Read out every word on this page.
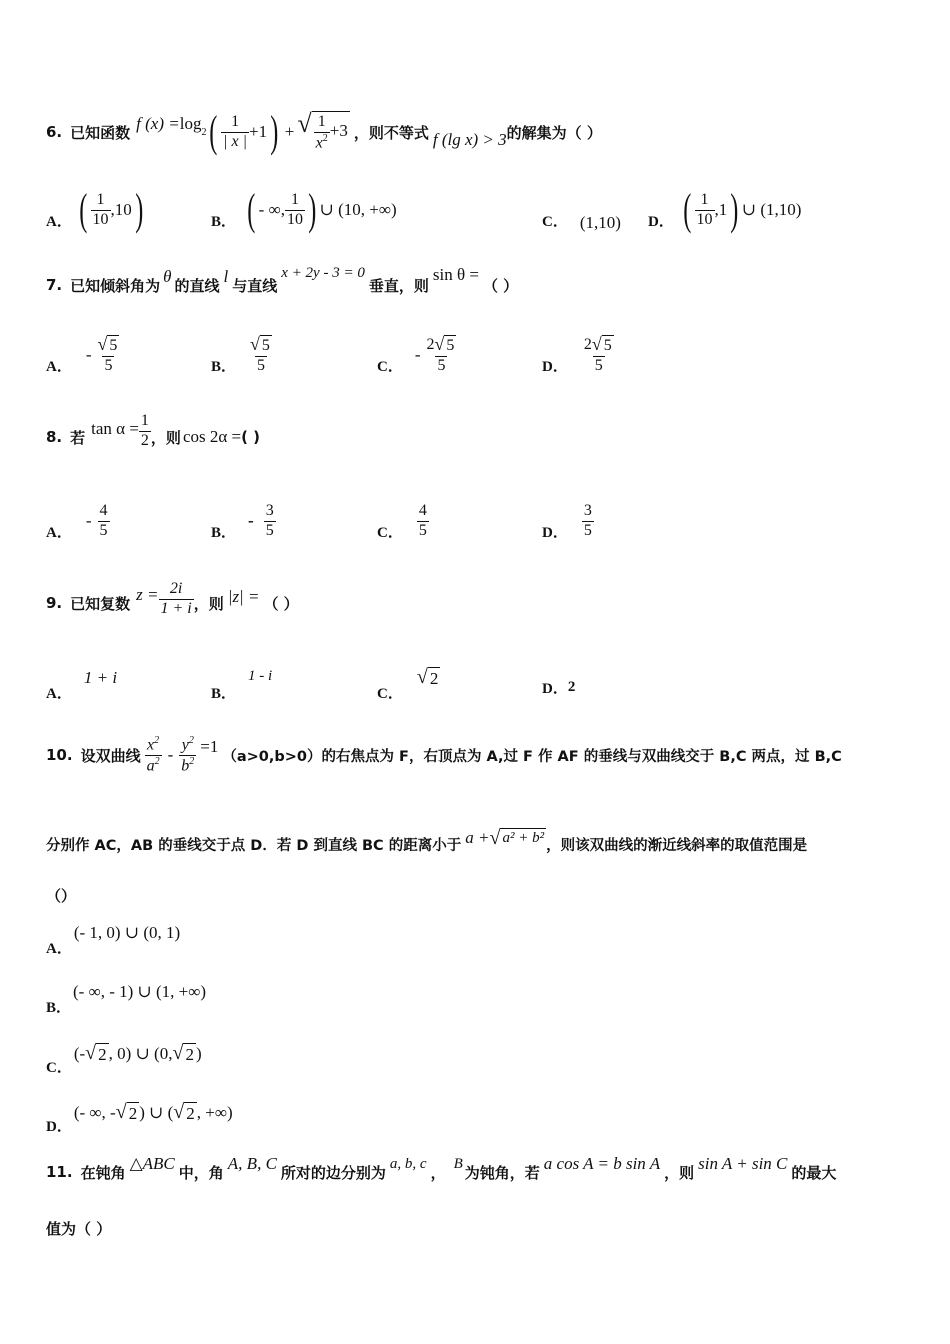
6. 已知函数 f $(x) = \log_2$ ( $\frac{1}{| x |} +1$ ) + √ $\frac{1}{x^2} +3$ ，则不等式 f (lg x) > 3 的解集为（ ）
A． ( $\frac{1}{10} ,10$ )	B． ( - ∞, $\frac{1}{10}$ ) ∪ (10, +∞)
C． (1,10) D． ( $\frac{1}{10} ,1$ ) ∪ (1,10)
7. 已知倾斜角为 θ 的直线 l 与直线
x + 2y - 3 = 0
垂直，则
sin θ =
（ ）
A．
- $\frac{√ 5}{5}$	B． $\frac{√ 5}{5}$	C．
- $\frac{2 √ 5}{5}$	D． $\frac{2 √ 5}{5}$
8. 若 $\tan \alpha = \frac{1}{2}$ ，则 cos 2α = ( )
A．
- $\frac{4}{5}$	B．
- $\frac{3}{5}$	C． $\frac{4}{5}$	D． $\frac{3}{5}$
9. 已知复数 $z = \frac{2i}{1 + i}$ ，则 |z| = （ ）
A．
1 + i
B．
1 - i
C．
√ 2
D． 2
10. 设双曲线 $\frac{x^2}{a^2} - \frac{y^2}{b^2} =1$
（a>0,b>0）的右焦点为 F，右顶点为 A,过 F 作 AF 的垂线与双曲线交于 B,C 两点，过 B,C
分别作 AC，AB 的垂线交于点 D．若 D 到直线 BC 的距离小于 a + √ a² + b² ，则该双曲线的渐近线斜率的取值范围是
（）
A．
(- 1, 0) ∪ (0, 1)
B．
(- ∞, - 1) ∪ (1, +∞)
C．
(- √ 2 , 0) ∪ (0, √ 2 )
D．
(- ∞, - √ 2 ) ∪ ( √ 2 , +∞)
11. 在钝角 △ABC 中，角 A, B, C 所对的边分别为 a, b, c ， B 为钝角，若 a cos A = b sin A ，则 sin A + sin C 的最大
值为（ ）
